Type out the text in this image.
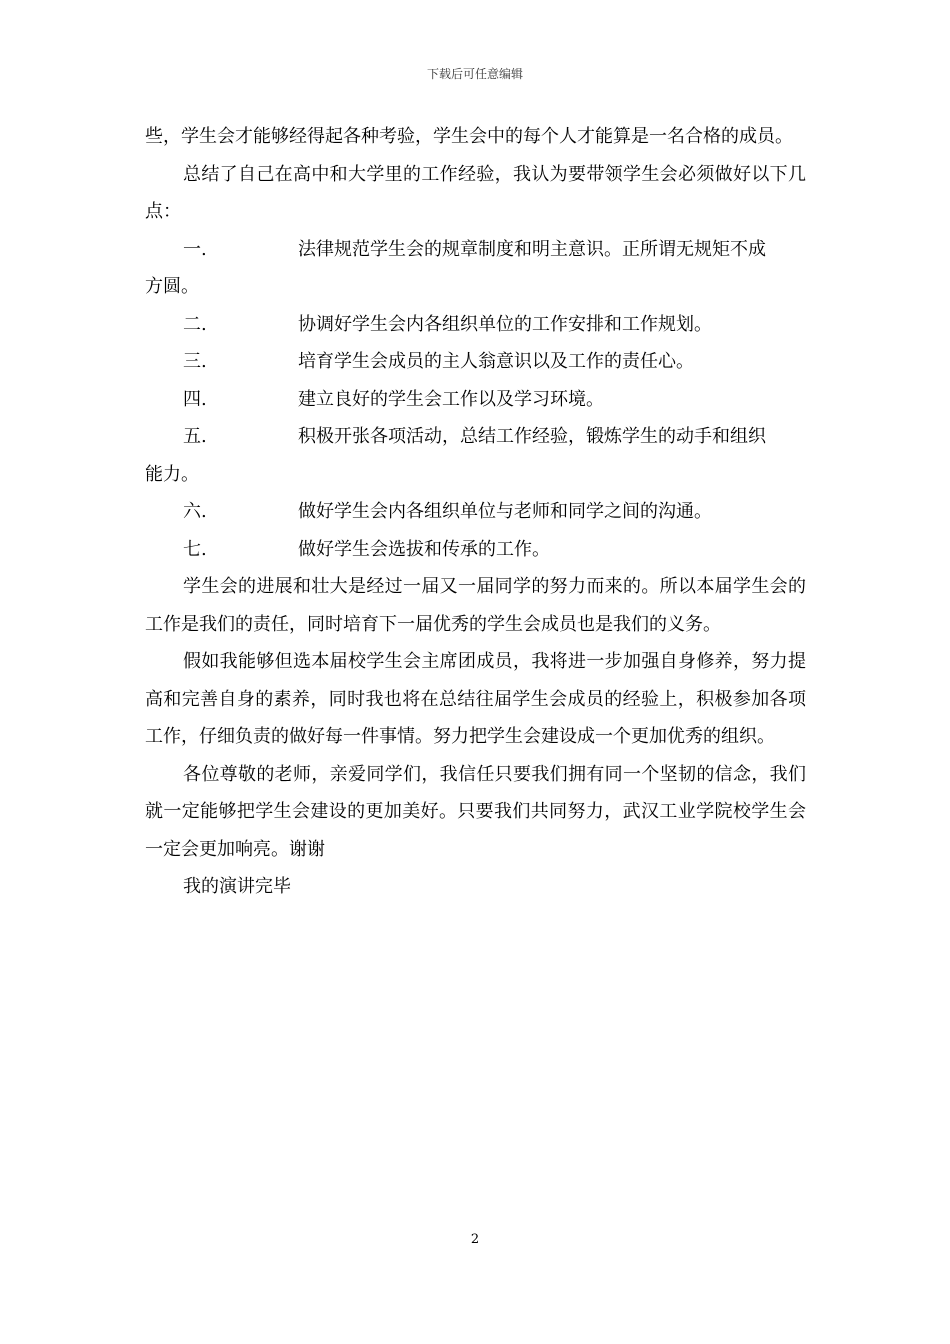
下载后可任意编辑

些，学生会才能够经得起各种考验，学生会中的每个人才能算是一名合格的成员。

总结了自己在高中和大学里的工作经验，我认为要带领学生会必须做好以下几点：

一.	法律规范学生会的规章制度和明主意识。正所谓无规矩不成

方圆。

二.	协调好学生会内各组织单位的工作安排和工作规划。

三.	培育学生会成员的主人翁意识以及工作的责任心。

四.	建立良好的学生会工作以及学习环境。

五.	积极开张各项活动，总结工作经验，锻炼学生的动手和组织

能力。

六.	做好学生会内各组织单位与老师和同学之间的沟通。

七.	做好学生会选拔和传承的工作。

学生会的进展和壮大是经过一届又一届同学的努力而来的。所以本届学生会的工作是我们的责任，同时培育下一届优秀的学生会成员也是我们的义务。

假如我能够但选本届校学生会主席团成员，我将进一步加强自身修养，努力提高和完善自身的素养，同时我也将在总结往届学生会成员的经验上，积极参加各项工作，仔细负责的做好每一件事情。努力把学生会建设成一个更加优秀的组织。

各位尊敬的老师，亲爱同学们，我信任只要我们拥有同一个坚韧的信念，我们就一定能够把学生会建设的更加美好。只要我们共同努力，武汉工业学院校学生会一定会更加响亮。谢谢

我的演讲完毕

2
